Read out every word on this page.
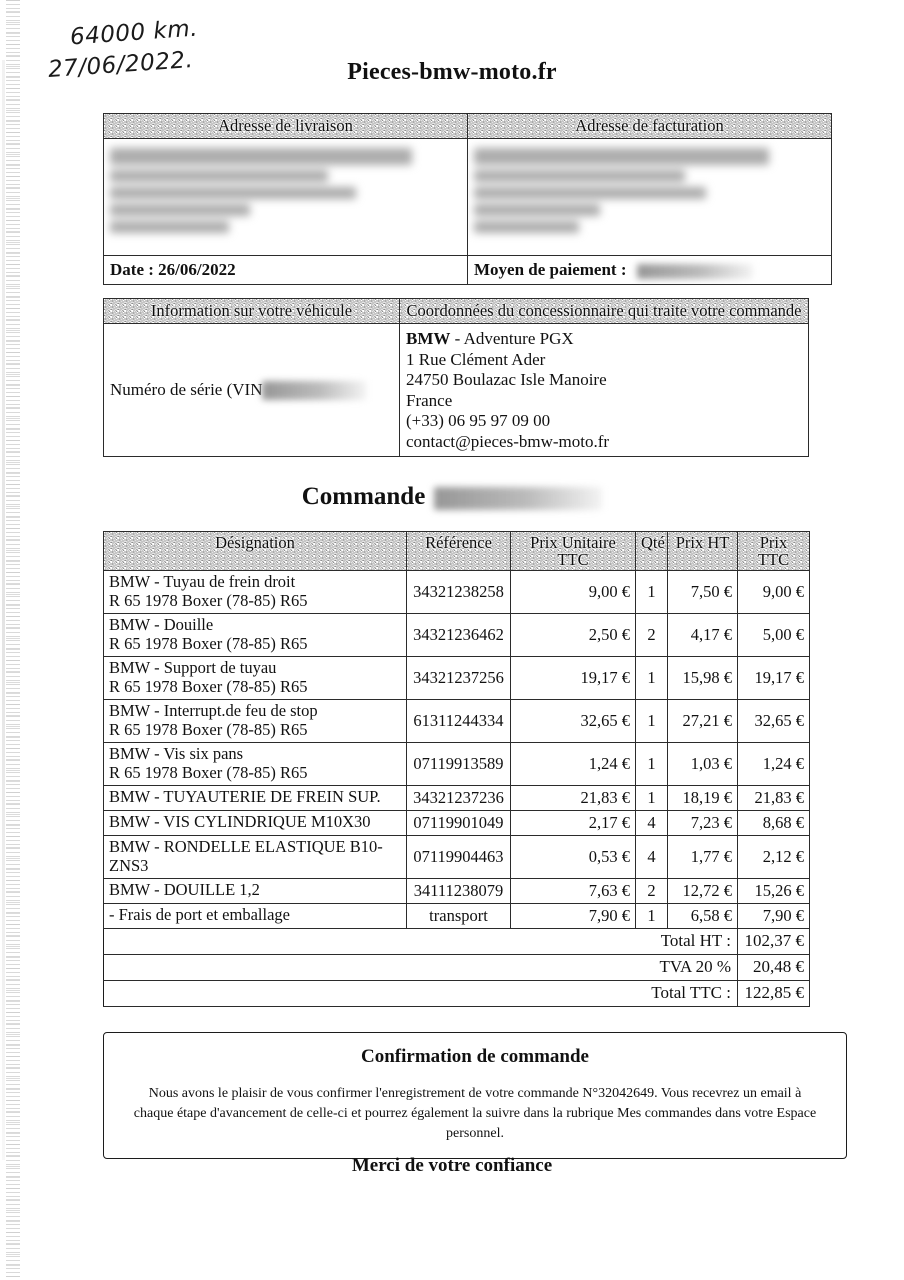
64000 km.
27/06/2022.	Pieces-bmw-moto.fr
Adresse de livraison	Adresse de facturation

Date : 26/06/2022	Moyen de paiement :
Information sur votre véhicule	Coordonnées du concessionnaire qui traite votre commande
Numéro de série (VIN	
BMW - Adventure PGX
1 Rue Clément Ader
24750 Boulazac Isle Manoire
France
(+33) 06 95 97 09 00
contact@pieces-bmw-moto.fr
Commande
Désignation	Référence	Prix Unitaire TTC	Qté	Prix HT	Prix TTC

BMW - Tuyau de frein droit
R 65 1978 Boxer (78-85) R65	34321238258	9,00 €	1	7,50 €	9,00 €

BMW - Douille
R 65 1978 Boxer (78-85) R65	34321236462	2,50 €	2	4,17 €	5,00 €

BMW - Support de tuyau
R 65 1978 Boxer (78-85) R65	34321237256	19,17 €	1	15,98 €	19,17 €

BMW - Interrupt.de feu de stop
R 65 1978 Boxer (78-85) R65	61311244334	32,65 €	1	27,21 €	32,65 €

BMW - Vis six pans
R 65 1978 Boxer (78-85) R65	07119913589	1,24 €	1	1,03 €	1,24 €

BMW - TUYAUTERIE DE FREIN SUP.	34321237236	21,83 €	1	18,19 €	21,83 €

BMW - VIS CYLINDRIQUE M10X30	07119901049	2,17 €	4	7,23 €	8,68 €

BMW - RONDELLE ELASTIQUE B10-ZNS3	07119904463	0,53 €	4	1,77 €	2,12 €

BMW - DOUILLE 1,2	34111238079	7,63 €	2	12,72 €	15,26 €

- Frais de port et emballage	transport	7,90 €	1	6,58 €	7,90 €
Total HT :					102,37 €
TVA 20 %					20,48 €
Total TTC :					122,85 €
Confirmation de commande
Nous avons le plaisir de vous confirmer l'enregistrement de votre commande N°32042649. Vous recevrez un email à chaque étape d'avancement de celle-ci et pourrez également la suivre dans la rubrique Mes commandes dans votre Espace personnel.
Merci de votre confiance
